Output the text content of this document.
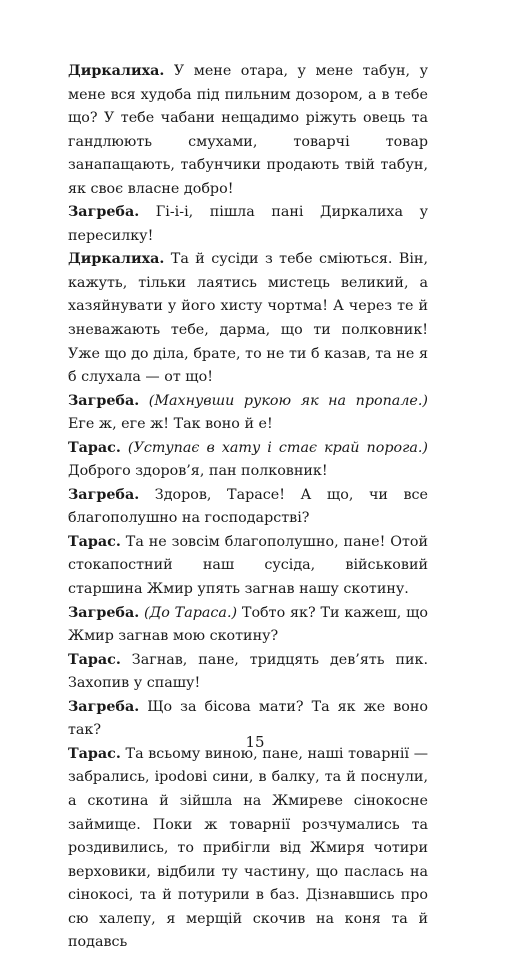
Диркалиха. У мене отара, у мене табун, у мене вся худоба під пильним дозором, а в тебе що? У тебе чабани нещадимо ріжуть овець та гандлюють смухами, товарчі товар занапащають, табунчики продають твій табун, як своє власне добро!

Загреба. Гі-і-і, пішла пані Диркалиха у пересилку!

Диркалиха. Та й сусіди з тебе сміються. Він, кажуть, тільки лаятись мистець великий, а хазяйнувати у його хисту чортма! А через те й зневажають тебе, дарма, що ти полковник! Уже що до діла, брате, то не ти б казав, та не я б слухала — от що!

Загреба. (Махнувши рукою як на пропале.) Еге ж, еге ж! Так воно й е!

Тарас. (Уступає в хату і стає край порога.) Доброго здоров’я, пан полковник!

Загреба. Здоров, Тарасе! А що, чи все благополушно на господарстві?

Тарас. Та не зовсім благополушно, пане! Отой стокапостний наш сусіда, військовий старшина Жмир упять загнав нашу скотину.

Загреба. (До Тараса.) Тобто як? Ти кажеш, що Жмир загнав мою скотину?

Тарас. Загнав, пане, тридцять дев’ять пик. Захопив у спашу!

Загреба. Що за бісова мати? Та як же воно так?

Тарас. Та всьому виною, пане, наші товарнії — забрались, ірodові сини, в балку, та й поснули, а скотина й зійшла на Жмиреве сінокосне займище. Поки ж товарнії розчумались та роздивились, то прибігли від Жмиря чотири верховики, відбили ту частину, що паслась на сінокосі, та й потурили в баз. Дізнавшись про сю халепу, я мерщій скочив на коня та й подавсь

15
